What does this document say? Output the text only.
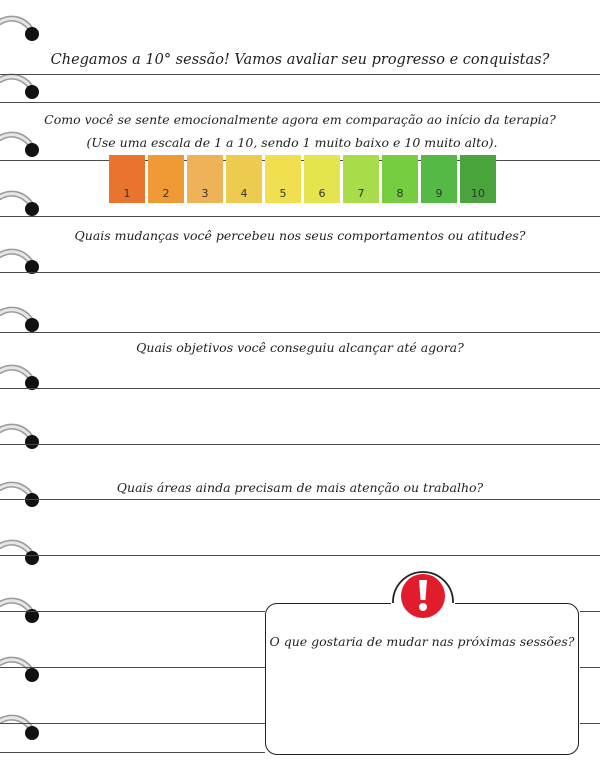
Chegamos a 10° sessão! Vamos avaliar seu progresso e conquistas?
Como você se sente emocionalmente agora em comparação ao início da terapia?
(Use uma escala de 1 a 10, sendo 1 muito baixo e 10 muito alto).
1	2	3	4	5	6	7	8	9	10
Quais mudanças você percebeu nos seus comportamentos ou atitudes?
Quais objetivos você conseguiu alcançar até agora?
Quais áreas ainda precisam de mais atenção ou trabalho?
O que gostaria de mudar nas próximas sessões?
